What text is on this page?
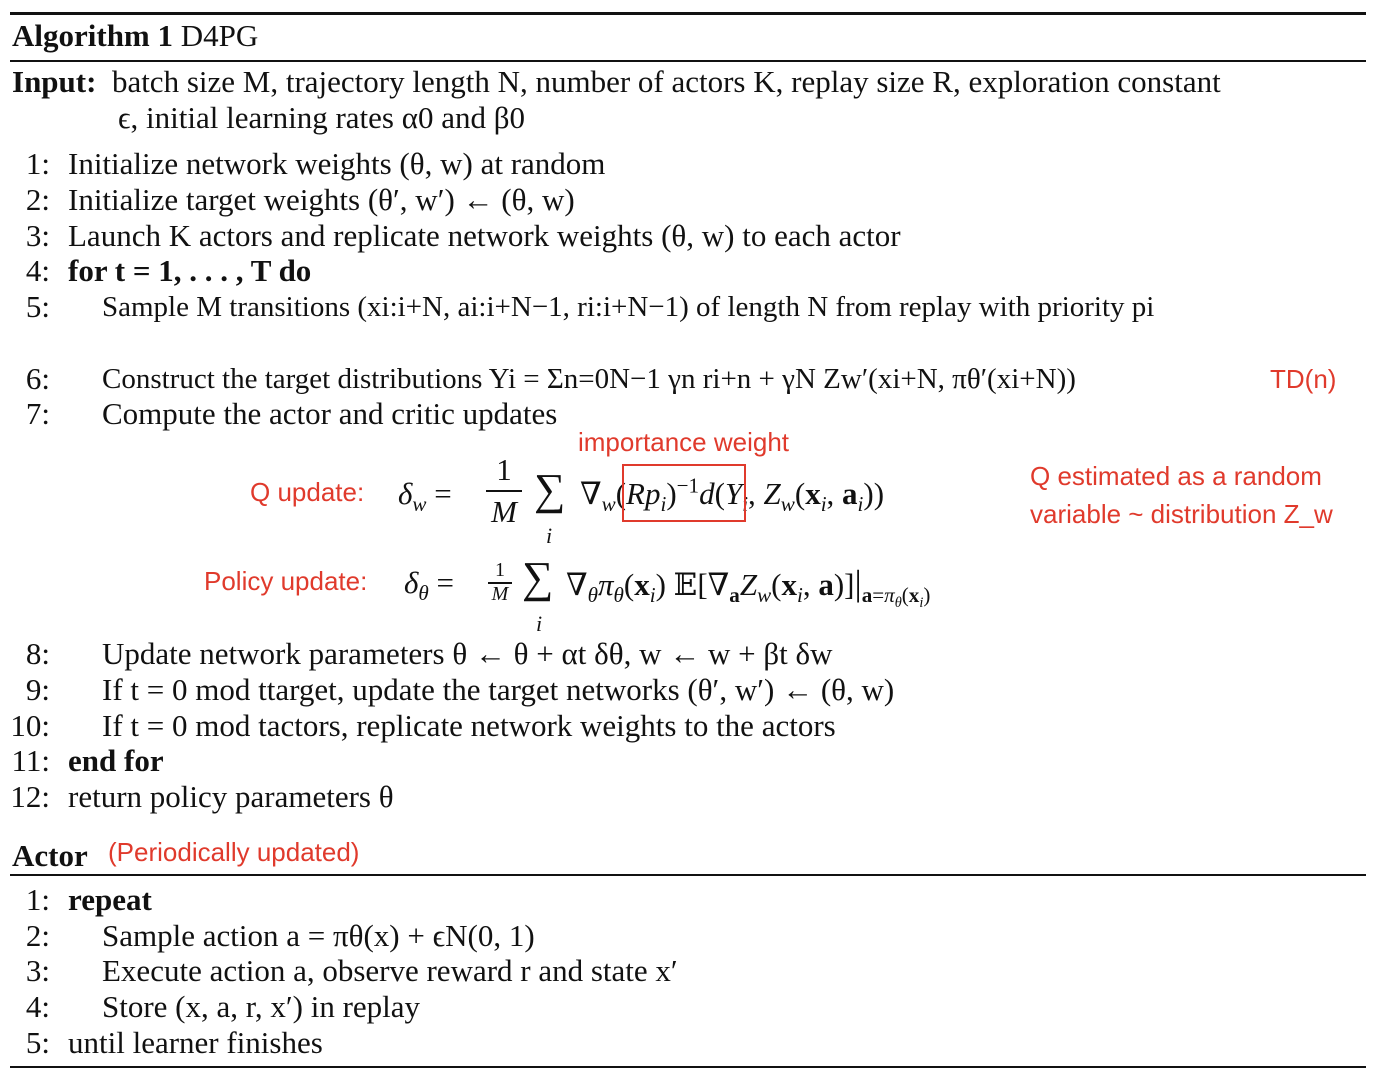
Algorithm 1 D4PG
Input: batch size M, trajectory length N, number of actors K, replay size R, exploration constant
ϵ, initial learning rates α0 and β0
1: Initialize network weights (θ, w) at random
2: Initialize target weights (θ′, w′) ← (θ, w)
3: Launch K actors and replicate network weights (θ, w) to each actor
4: for t = 1, . . . , T do
5: Sample M transitions (xi:i+N, ai:i+N−1, ri:i+N−1) of length N from replay with priority pi
6: Construct the target distributions Yi = Σn=0N−1 γn ri+n + γN Zw′(xi+N, πθ′(xi+N))	TD(n)
7: Compute the actor and critic updates
importance weight
Q update: $\delta_w$ =
1
M ∑
i
$\nabla_w(Rp_i)^{-1}d(Y_i$, $Z_w(x_i$, $a_i$))	Q estimated as a random
variable ~ distribution Z_w
Policy update: $\delta_\theta$ =	1
M ∑
i
$\nabla_\theta\pi_\theta(x_i)$ $𝔼[\nabla_aZ_w(x_i$, $a)]|_{a=\pi_\theta(x_i)}$
8: Update network parameters θ ← θ + αt δθ, w ← w + βt δw
9: If t = 0 mod ttarget, update the target networks (θ′, w′) ← (θ, w)
10: If t = 0 mod tactors, replicate network weights to the actors
11: end for
12: return policy parameters θ
Actor (Periodically updated)
1: repeat
2: Sample action a = πθ(x) + ϵN(0, 1)
3: Execute action a, observe reward r and state x′
4: Store (x, a, r, x′) in replay
5: until learner finishes
